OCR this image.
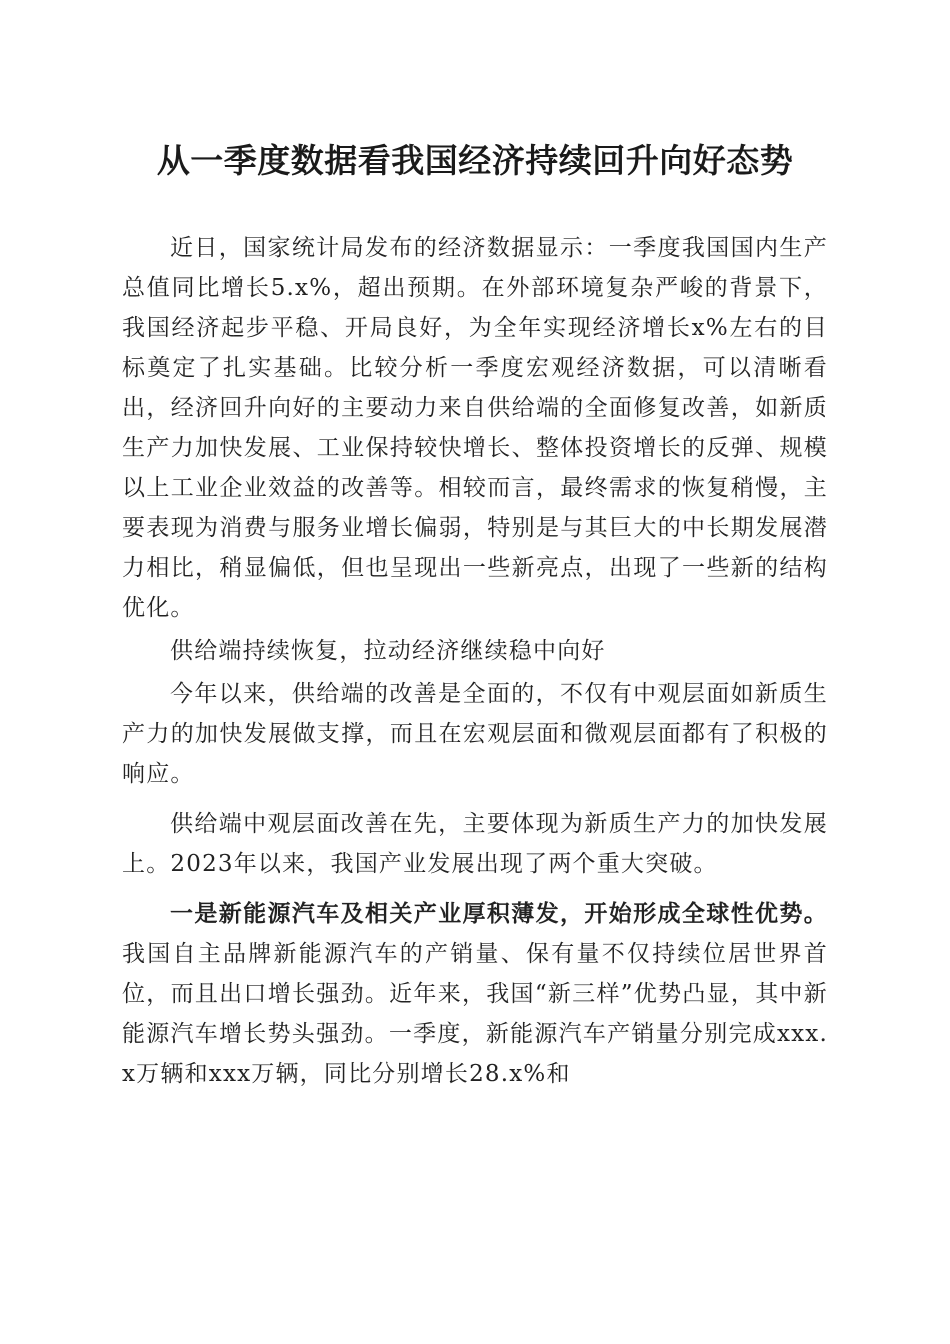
从一季度数据看我国经济持续回升向好态势

近日，国家统计局发布的经济数据显示：一季度我国国内生产总值同比增长5.x%，超出预期。在外部环境复杂严峻的背景下，我国经济起步平稳、开局良好，为全年实现经济增长x%左右的目标奠定了扎实基础。比较分析一季度宏观经济数据，可以清晰看出，经济回升向好的主要动力来自供给端的全面修复改善，如新质生产力加快发展、工业保持较快增长、整体投资增长的反弹、规模以上工业企业效益的改善等。相较而言，最终需求的恢复稍慢，主要表现为消费与服务业增长偏弱，特别是与其巨大的中长期发展潜力相比，稍显偏低，但也呈现出一些新亮点，出现了一些新的结构优化。

供给端持续恢复，拉动经济继续稳中向好

今年以来，供给端的改善是全面的，不仅有中观层面如新质生产力的加快发展做支撑，而且在宏观层面和微观层面都有了积极的响应。

供给端中观层面改善在先，主要体现为新质生产力的加快发展上。2023年以来，我国产业发展出现了两个重大突破。

一是新能源汽车及相关产业厚积薄发，开始形成全球性优势。我国自主品牌新能源汽车的产销量、保有量不仅持续位居世界首位，而且出口增长强劲。近年来，我国“新三样”优势凸显，其中新能源汽车增长势头强劲。一季度，新能源汽车产销量分别完成xxx.x万辆和xxx万辆，同比分别增长28.x%和
